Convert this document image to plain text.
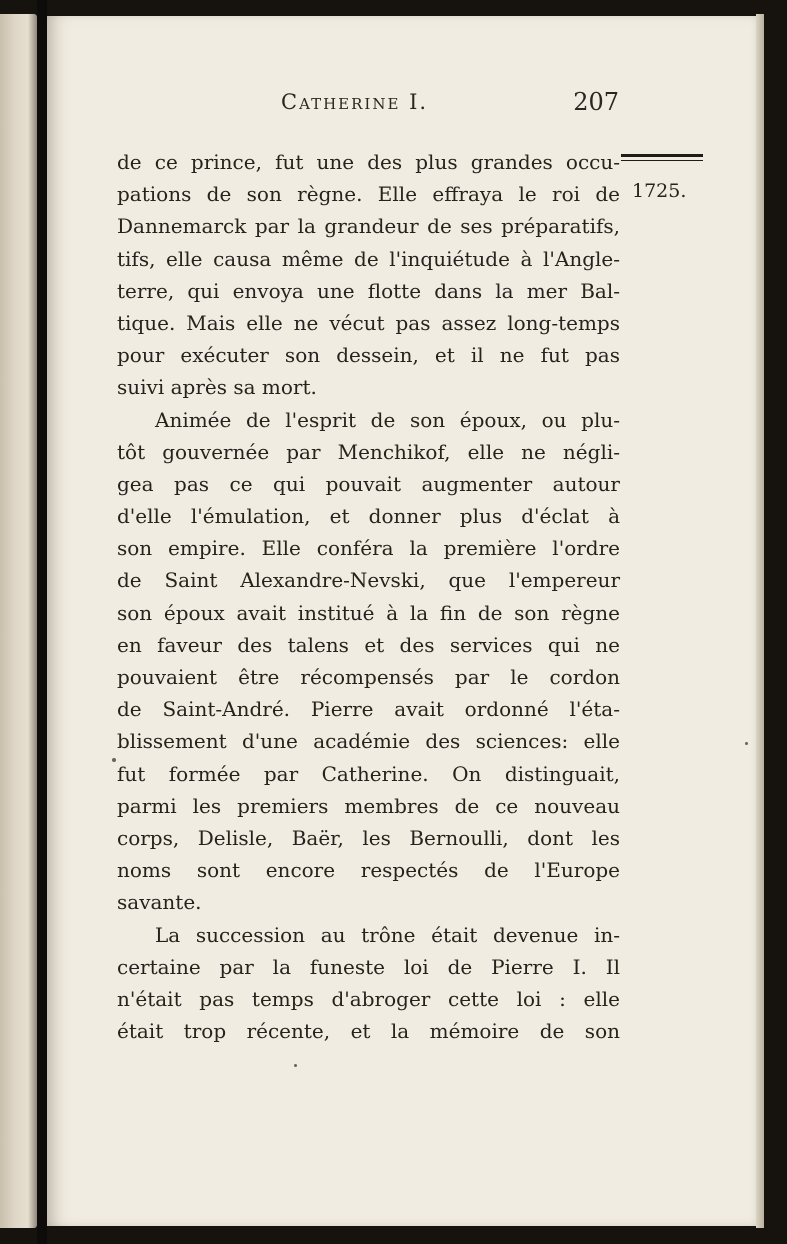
Catherine I.	207
1725.
de ce prince, fut une des plus grandes occu-
pations de son règne. Elle effraya le roi de
Dannemarck par la grandeur de ses préparatifs,
tifs, elle causa même de l'inquiétude à l'Angle-
terre, qui envoya une flotte dans la mer Bal-
tique. Mais elle ne vécut pas assez long-temps
pour exécuter son dessein, et il ne fut pas
suivi après sa mort.
Animée de l'esprit de son époux, ou plu-
tôt gouvernée par Menchikof, elle ne négli-
gea pas ce qui pouvait augmenter autour
d'elle l'émulation, et donner plus d'éclat à
son empire. Elle conféra la première l'ordre
de Saint Alexandre-Nevski, que l'empereur
son époux avait institué à la fin de son règne
en faveur des talens et des services qui ne
pouvaient être récompensés par le cordon
de Saint-André. Pierre avait ordonné l'éta-
blissement d'une académie des sciences: elle
fut formée par Catherine. On distinguait,
parmi les premiers membres de ce nouveau
corps, Delisle, Baër, les Bernoulli, dont les
noms sont encore respectés de l'Europe
savante.
La succession au trône était devenue in-
certaine par la funeste loi de Pierre I. Il
n'était pas temps d'abroger cette loi : elle
était trop récente, et la mémoire de son
